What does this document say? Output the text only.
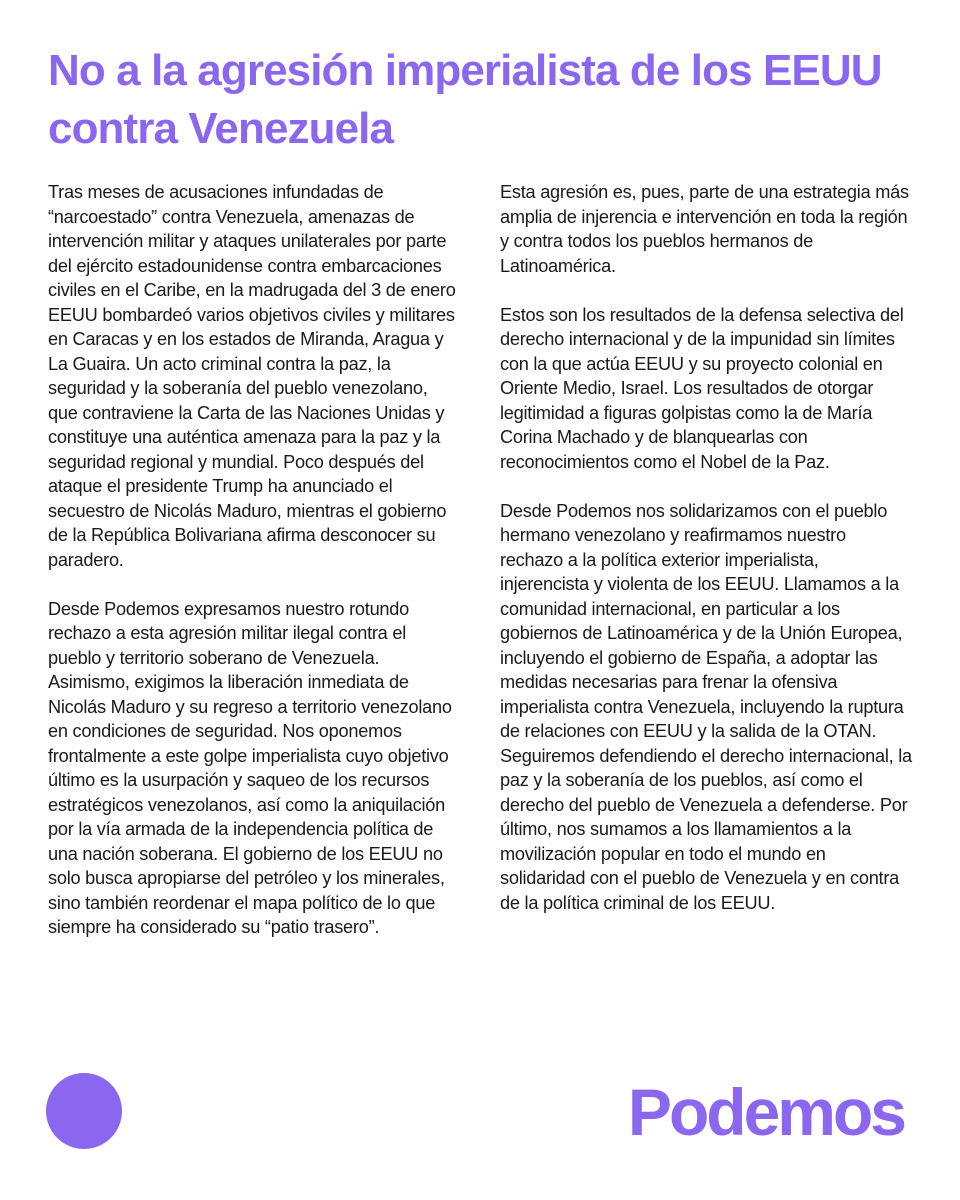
No a la agresión imperialista de los EEUU contra Venezuela

Tras meses de acusaciones infundadas de “narcoestado” contra Venezuela, amenazas de intervención militar y ataques unilaterales por parte del ejército estadounidense contra embarcaciones civiles en el Caribe, en la madrugada del 3 de enero EEUU bombardeó varios objetivos civiles y militares en Caracas y en los estados de Miranda, Aragua y La Guaira. Un acto criminal contra la paz, la seguridad y la soberanía del pueblo venezolano, que contraviene la Carta de las Naciones Unidas y constituye una auténtica amenaza para la paz y la seguridad regional y mundial. Poco después del ataque el presidente Trump ha anunciado el secuestro de Nicolás Maduro, mientras el gobierno de la República Bolivariana afirma desconocer su paradero.

Desde Podemos expresamos nuestro rotundo rechazo a esta agresión militar ilegal contra el pueblo y territorio soberano de Venezuela. Asimismo, exigimos la liberación inmediata de Nicolás Maduro y su regreso a territorio venezolano en condiciones de seguridad. Nos oponemos frontalmente a este golpe imperialista cuyo objetivo último es la usurpación y saqueo de los recursos estratégicos venezolanos, así como la aniquilación por la vía armada de la independencia política de una nación soberana. El gobierno de los EEUU no solo busca apropiarse del petróleo y los minerales, sino también reordenar el mapa político de lo que siempre ha considerado su “patio trasero”.

Esta agresión es, pues, parte de una estrategia más amplia de injerencia e intervención en toda la región y contra todos los pueblos hermanos de Latinoamérica.

Estos son los resultados de la defensa selectiva del derecho internacional y de la impunidad sin límites con la que actúa EEUU y su proyecto colonial en Oriente Medio, Israel. Los resultados de otorgar legitimidad a figuras golpistas como la de María Corina Machado y de blanquearlas con reconocimientos como el Nobel de la Paz.

Desde Podemos nos solidarizamos con el pueblo hermano venezolano y reafirmamos nuestro rechazo a la política exterior imperialista, injerencista y violenta de los EEUU. Llamamos a la comunidad internacional, en particular a los gobiernos de Latinoamérica y de la Unión Europea, incluyendo el gobierno de España, a adoptar las medidas necesarias para frenar la ofensiva imperialista contra Venezuela, incluyendo la ruptura de relaciones con EEUU y la salida de la OTAN. Seguiremos defendiendo el derecho internacional, la paz y la soberanía de los pueblos, así como el derecho del pueblo de Venezuela a defenderse. Por último, nos sumamos a los llamamientos a la movilización popular en todo el mundo en solidaridad con el pueblo de Venezuela y en contra de la política criminal de los EEUU.

Podemos
